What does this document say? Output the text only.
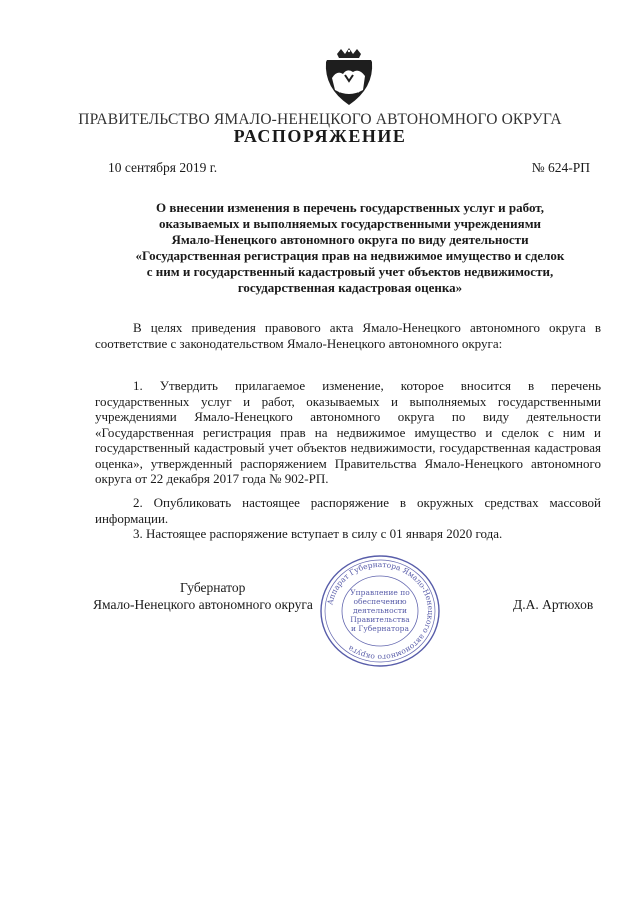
ПРАВИТЕЛЬСТВО ЯМАЛО-НЕНЕЦКОГО АВТОНОМНОГО ОКРУГА
РАСПОРЯЖЕНИЕ
10 сентября 2019 г.	№ 624-РП
О внесении изменения в перечень государственных услуг и работ,
оказываемых и выполняемых государственными учреждениями
Ямало-Ненецкого автономного округа по виду деятельности
«Государственная регистрация прав на недвижимое имущество и сделок
с ним и государственный кадастровый учет объектов недвижимости,
государственная кадастровая оценка»
В целях приведения правового акта Ямало-Ненецкого автономного округа в соответствие с законодательством Ямало-Ненецкого автономного округа:
1. Утвердить прилагаемое изменение, которое вносится в перечень государственных услуг и работ, оказываемых и выполняемых государственными учреждениями Ямало-Ненецкого автономного округа по виду деятельности «Государственная регистрация прав на недвижимое имущество и сделок с ним и государственный кадастровый учет объектов недвижимости, государственная кадастровая оценка», утвержденный распоряжением Правительства Ямало-Ненецкого автономного округа от 22 декабря 2017 года № 902-РП.
2. Опубликовать настоящее распоряжение в окружных средствах массовой информации.
3. Настоящее распоряжение вступает в силу с 01 января 2020 года.
Губернатор
Ямало-Ненецкого автономного округа	Д.А. Артюхов
Аппарат Губернатора Ямало-Ненецкого автономного округа
Управление по
обеспечению
деятельности
Правительства
и Губернатора
